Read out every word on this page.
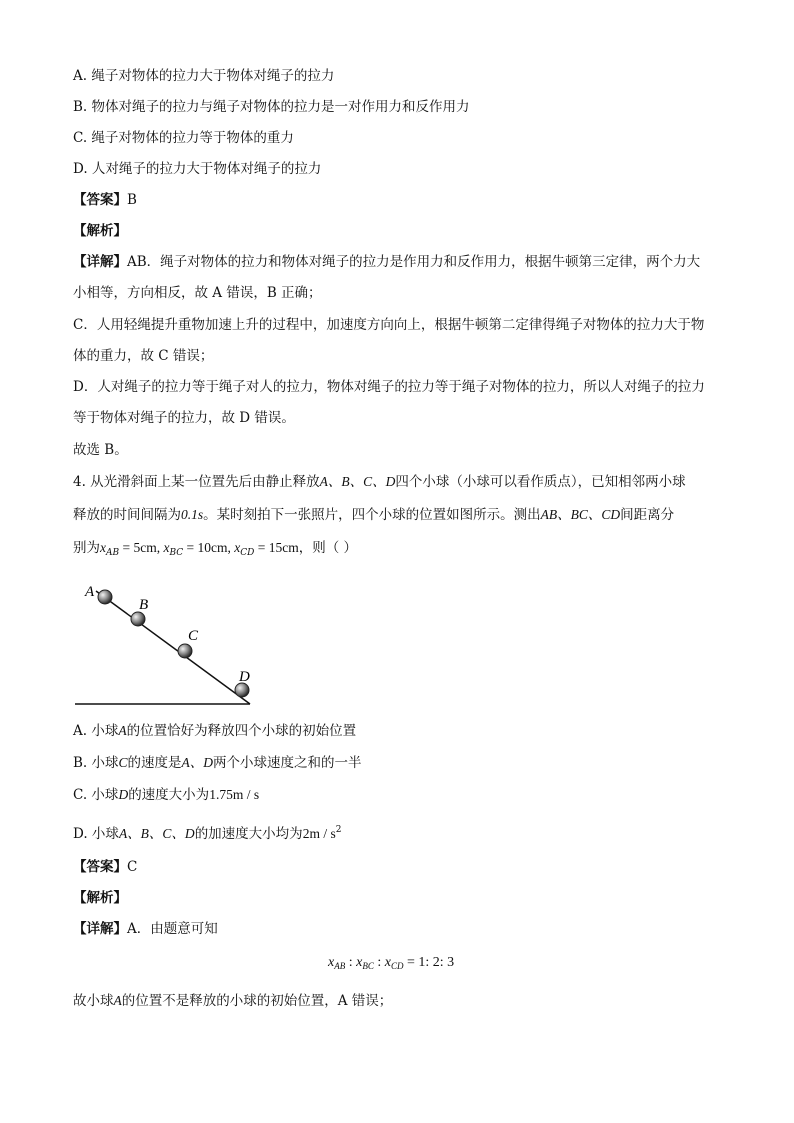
A. 绳子对物体的拉力大于物体对绳子的拉力
B. 物体对绳子的拉力与绳子对物体的拉力是一对作用力和反作用力
C. 绳子对物体的拉力等于物体的重力
D. 人对绳子的拉力大于物体对绳子的拉力
【答案】B
【解析】
【详解】AB．绳子对物体的拉力和物体对绳子的拉力是作用力和反作用力，根据牛顿第三定律，两个力大
小相等，方向相反，故 A 错误，B 正确；
C．人用轻绳提升重物加速上升的过程中，加速度方向向上，根据牛顿第二定律得绳子对物体的拉力大于物
体的重力，故 C 错误；
D．人对绳子的拉力等于绳子对人的拉力，物体对绳子的拉力等于绳子对物体的拉力，所以人对绳子的拉力
等于物体对绳子的拉力，故 D 错误。
故选 B。
4. 从光滑斜面上某一位置先后由静止释放A、B、C、D四个小球（小球可以看作质点），已知相邻两小球
释放的时间间隔为0.1s。某时刻拍下一张照片，四个小球的位置如图所示。测出AB、BC、CD间距离分
别为$x_{AB} = 5cm$, $x_{BC} = 10cm$, $x_{CD} = 15cm$，则（ ）
A
B
C
D
A. 小球A的位置恰好为释放四个小球的初始位置
B. 小球C的速度是A、D两个小球速度之和的一半
C. 小球D的速度大小为1.75m / s
D. 小球A、B、C、D的加速度大小均为$2m / s^2$
【答案】C
【解析】
【详解】A．由题意可知
$x_{AB}$ : $x_{BC}$ : $x_{CD} = 1$: 2: 3
故小球A的位置不是释放的小球的初始位置，A 错误；
